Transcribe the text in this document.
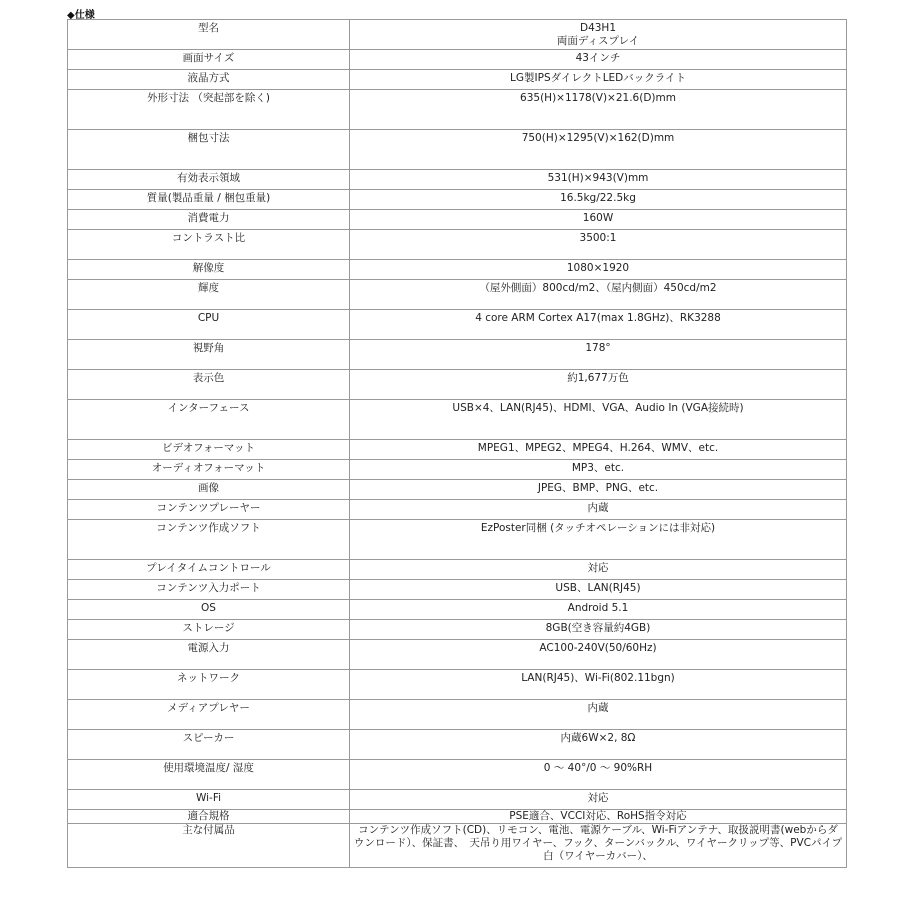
◆仕様
型名	D43H1
両面ディスプレイ
画面サイズ	43インチ
液晶方式	LG製IPSダイレクトLEDバックライト
外形寸法 （突起部を除く)	635(H)×1178(V)×21.6(D)mm
梱包寸法	750(H)×1295(V)×162(D)mm
有効表示領域	531(H)×943(V)mm
質量(製品重量 / 梱包重量)	16.5kg/22.5kg
消費電力	160W
コントラスト比	3500:1
解像度	1080×1920
輝度	（屋外側面）800cd/m2、（屋内側面）450cd/m2
CPU	4 core ARM Cortex A17(max 1.8GHz)、RK3288
視野角	178°
表示色	約1,677万色
インターフェース	USB×4、LAN(RJ45)、HDMI、VGA、Audio In (VGA接続時)
ビデオフォーマット	MPEG1、MPEG2、MPEG4、H.264、WMV、etc.
オーディオフォーマット	MP3、etc.
画像	JPEG、BMP、PNG、etc.
コンテンツプレーヤー	内蔵
コンテンツ作成ソフト	EzPoster同梱 (タッチオペレーションには非対応)
プレイタイムコントロール	対応
コンテンツ入力ポート	USB、LAN(RJ45)
OS	Android 5.1
ストレージ	8GB(空き容量約4GB)
電源入力	AC100-240V(50/60Hz)
ネットワーク	LAN(RJ45)、Wi-Fi(802.11bgn)
メディアプレヤー	内蔵
スピーカー	内蔵6W×2, 8Ω
使用環境温度/ 湿度	0 ～ 40°/0 ～ 90%RH
Wi-Fi	対応
適合規格	PSE適合、VCCI対応、RoHS指令対応
主な付属品	コンテンツ作成ソフト(CD)、リモコン、電池、電源ケーブル、Wi-Fiアンテナ、取扱説明書(webからダウンロード）、保証書、　天吊り用ワイヤー、フック、ターンバックル、ワイヤークリップ等、PVCパイプ白（ワイヤーカバー）、
